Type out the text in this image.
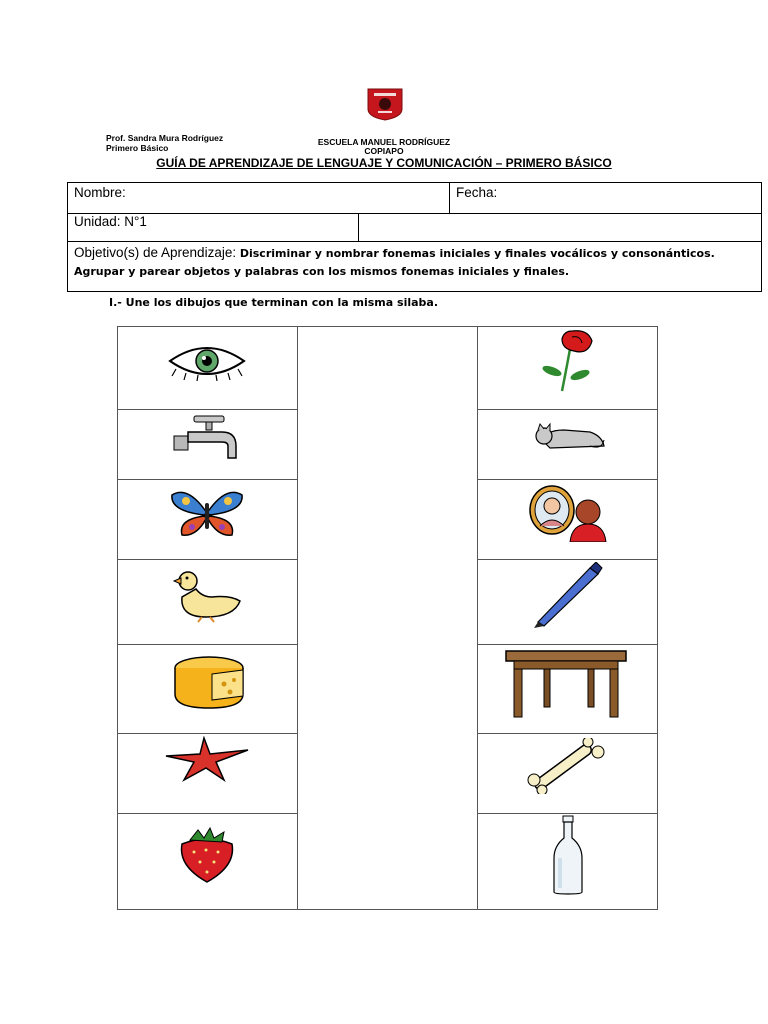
Prof. Sandra Mura Rodríguez
Primero Básico
ESCUELA MANUEL RODRÍGUEZ
COPIAPO
GUÍA DE APRENDIZAJE DE LENGUAJE Y COMUNICACIÓN – PRIMERO BÁSICO
Nombre:	Fecha:
Unidad: N°1
Objetivo(s) de Aprendizaje: Discriminar y nombrar fonemas iniciales y finales vocálicos y consonánticos. Agrupar y parear objetos y palabras con los mismos fonemas iniciales y finales.
I.- Une los dibujos que terminan con la misma silaba.
